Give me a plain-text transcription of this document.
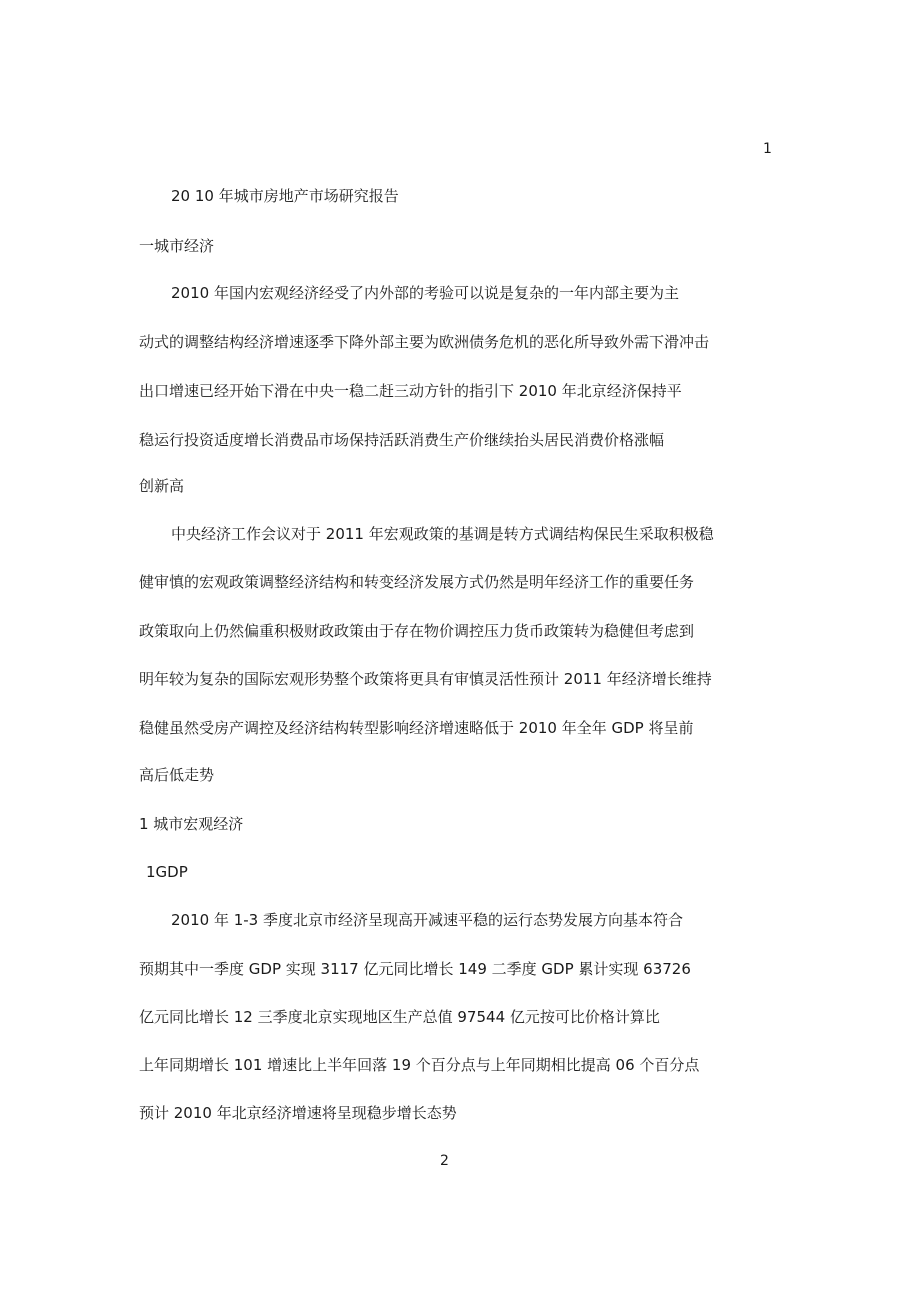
1
20 10 年城市房地产市场研究报告
一城市经济
2010 年国内宏观经济经受了内外部的考验可以说是复杂的一年内部主要为主
动式的调整结构经济增速逐季下降外部主要为欧洲债务危机的恶化所导致外需下滑冲击
出口增速已经开始下滑在中央一稳二赶三动方针的指引下 2010 年北京经济保持平
稳运行投资适度增长消费品市场保持活跃消费生产价继续抬头居民消费价格涨幅
创新高
中央经济工作会议对于 2011 年宏观政策的基调是转方式调结构保民生采取积极稳
健审慎的宏观政策调整经济结构和转变经济发展方式仍然是明年经济工作的重要任务
政策取向上仍然偏重积极财政政策由于存在物价调控压力货币政策转为稳健但考虑到
明年较为复杂的国际宏观形势整个政策将更具有审慎灵活性预计 2011 年经济增长维持
稳健虽然受房产调控及经济结构转型影响经济增速略低于 2010 年全年 GDP 将呈前
高后低走势
1 城市宏观经济
1GDP
2010 年 1-3 季度北京市经济呈现高开减速平稳的运行态势发展方向基本符合
预期其中一季度 GDP 实现 3117 亿元同比增长 149 二季度 GDP 累计实现 63726
亿元同比增长 12 三季度北京实现地区生产总值 97544 亿元按可比价格计算比
上年同期增长 101 增速比上半年回落 19 个百分点与上年同期相比提高 06 个百分点
预计 2010 年北京经济增速将呈现稳步增长态势
2
